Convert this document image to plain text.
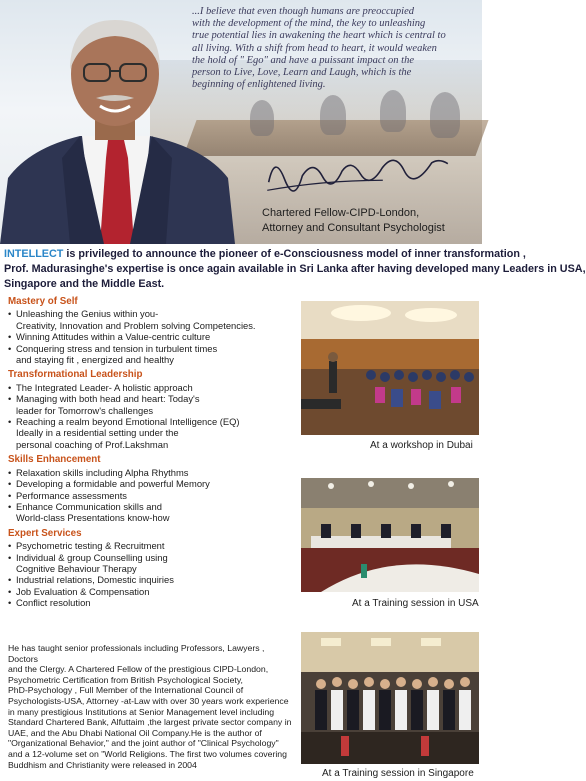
...I believe that even though humans are preoccupied
with the development of the mind, the key to unleashing
true potential lies in awakening the heart which is central to
all living. With a shift from head to heart, it would weaken
the hold of " Ego" and have a puissant impact on the
person to Live, Love, Learn and Laugh, which is the
beginning of enlightened living.
Chartered Fellow-CIPD-London,
Attorney and Consultant Psychologist
INTELLECT is privileged to announce the pioneer of e-Consciousness model of inner transformation ,
Prof. Madurasinghe's expertise is once again available in Sri Lanka after having developed many Leaders in USA,
Singapore and the Middle East.
Mastery of Self
• Unleashing the Genius within you-
Creativity, Innovation and Problem solving Competencies.
• Winning Attitudes within a Value-centric culture
• Conquering stress and tension in turbulent times
and staying fit , energized and healthy
Transformational Leadership
• The Integrated Leader- A holistic approach
• Managing with both head and heart: Today's
leader for Tomorrow's challenges
• Reaching a realm beyond Emotional Intelligence (EQ)
Ideally in a residential setting under the
personal coaching of Prof.Lakshman
Skills Enhancement
• Relaxation skills including Alpha Rhythms
• Developing a formidable and powerful Memory
• Performance assessments
• Enhance Communication skills and
World-class Presentations know-how
Expert Services
• Psychometric testing & Recruitment
• Individual & group Counselling using
Cognitive Behaviour Therapy
• Industrial relations, Domestic inquiries
• Job Evaluation & Compensation
• Conflict resolution
He has taught senior professionals including Professors, Lawyers , Doctors
and the Clergy. A Chartered Fellow of the prestigious CIPD-London,
Psychometric Certification from British Psychological Society,
PhD-Psychology , Full Member of the International Council of
Psychologists-USA, Attorney -at-Law with over 30 years work experience
in many prestigious Institutions at Senior Management level including
Standard Chartered Bank, Alfuttaim ,the largest private sector company in
UAE, and the Abu Dhabi National Oil Company.He is the author of
"Organizational Behavior," and the joint author of "Clinical Psychology"
and a 12-volume set on "World Religions. The first two volumes covering
Buddhism and Christianity were released in 2004
At a workshop in Dubai
At a Training session in USA
At a Training session in Singapore
